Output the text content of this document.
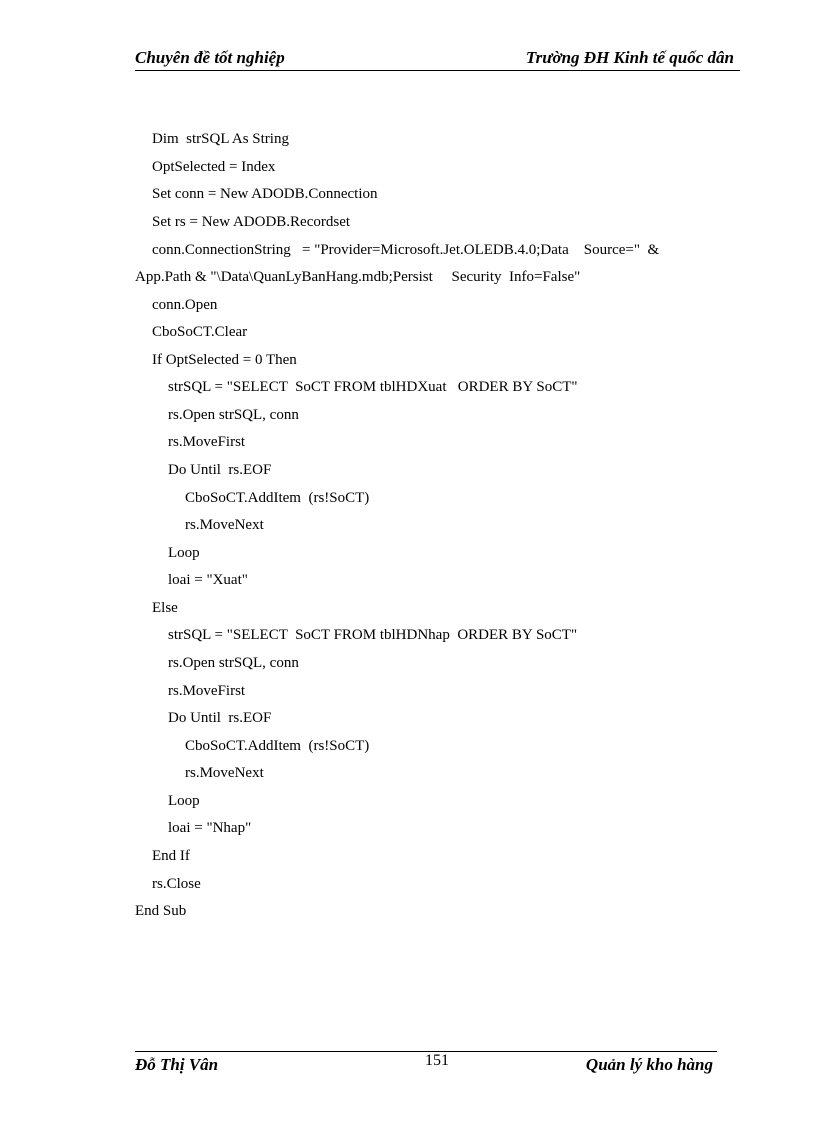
Chuyên đề tốt nghiệp	Trường ĐH Kinh tế quốc dân
Dim  strSQL As String
OptSelected = Index
Set conn = New ADODB.Connection
Set rs = New ADODB.Recordset
conn.ConnectionString   = "Provider=Microsoft.Jet.OLEDB.4.0;Data    Source="  &
App.Path & "\Data\QuanLyBanHang.mdb;Persist     Security  Info=False"
conn.Open
CboSoCT.Clear
If OptSelected = 0 Then
strSQL = "SELECT  SoCT FROM tblHDXuat   ORDER BY SoCT"
rs.Open strSQL, conn
rs.MoveFirst
Do Until  rs.EOF
CboSoCT.AddItem  (rs!SoCT)
rs.MoveNext
Loop
loai = "Xuat"
Else
strSQL = "SELECT  SoCT FROM tblHDNhap  ORDER BY SoCT"
rs.Open strSQL, conn
rs.MoveFirst
Do Until  rs.EOF
CboSoCT.AddItem  (rs!SoCT)
rs.MoveNext
Loop
loai = "Nhap"
End If
rs.Close
End Sub
Đỗ Thị Vân	151	Quản lý kho hàng
